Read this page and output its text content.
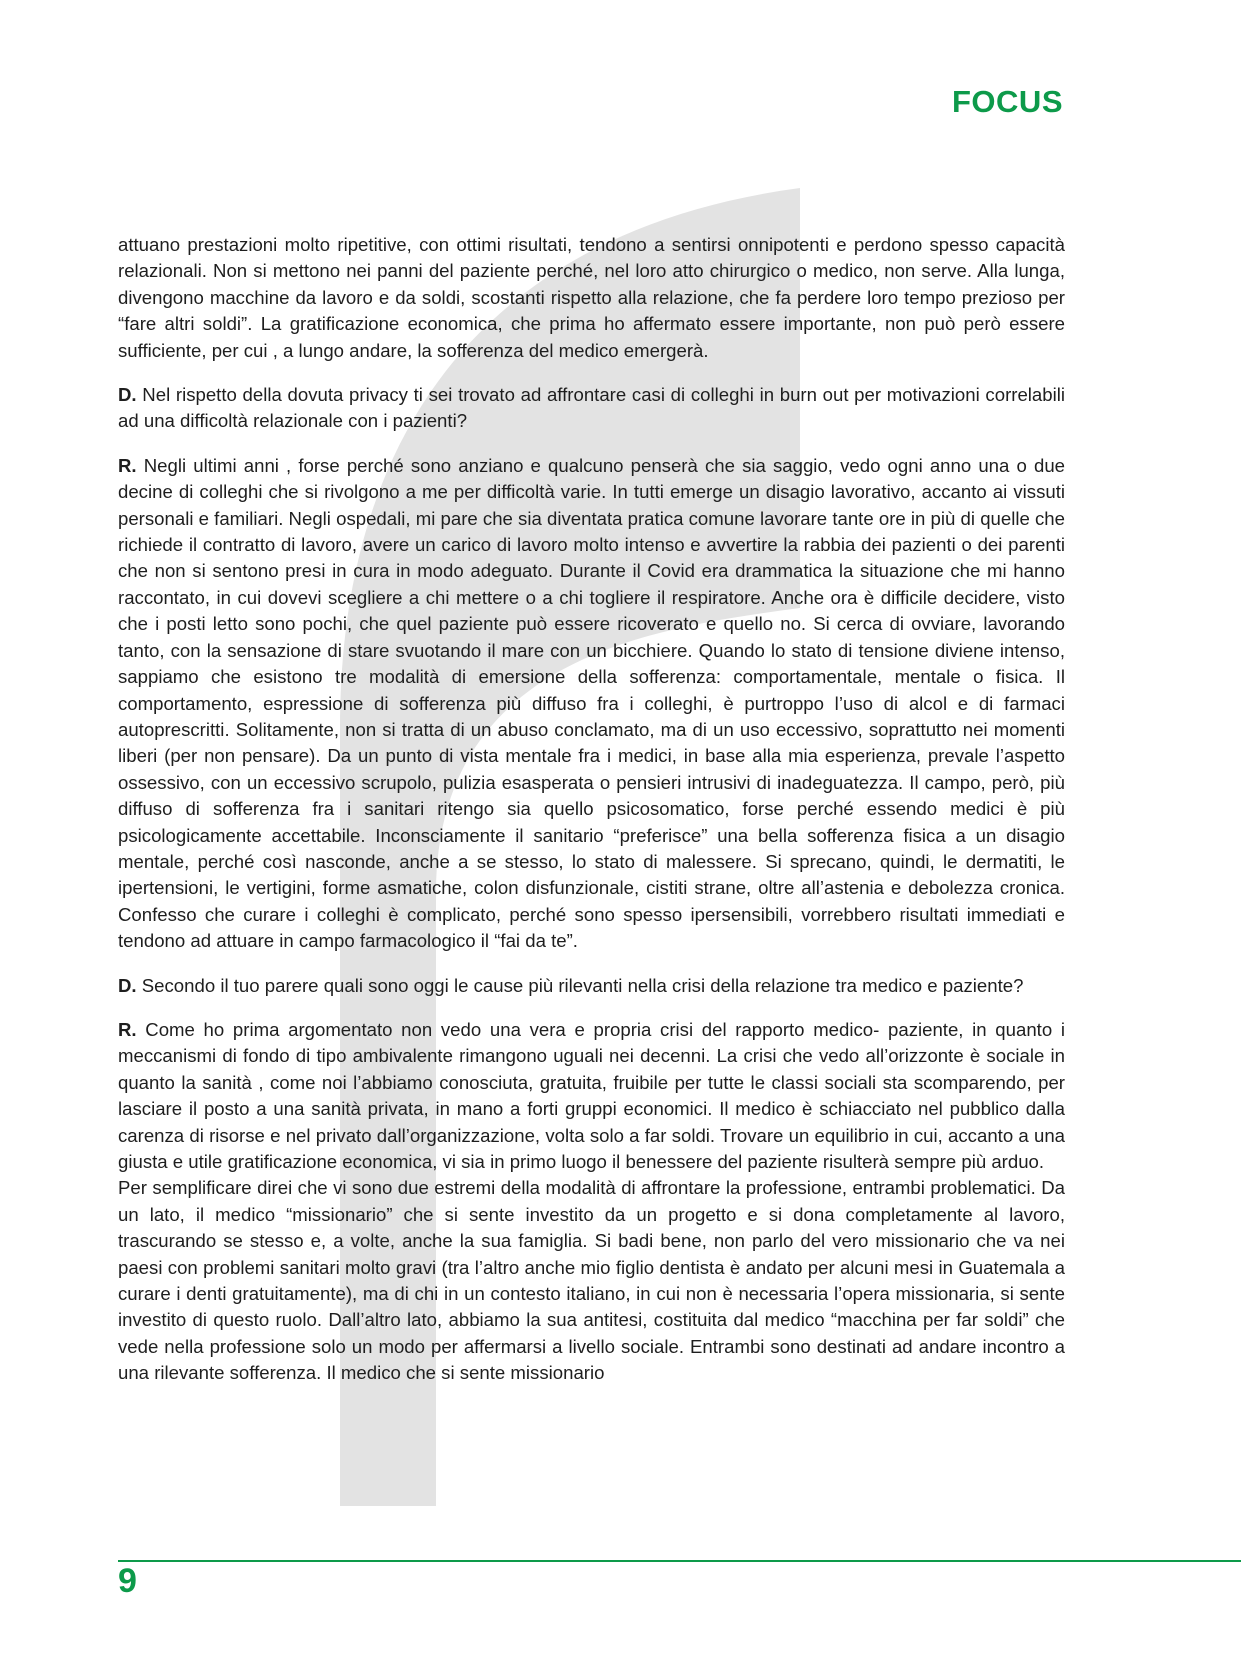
FOCUS

attuano prestazioni molto ripetitive, con ottimi risultati, tendono a sentirsi onnipotenti e perdono spesso capacità relazionali. Non si mettono nei panni del paziente perché, nel loro atto chirurgico o medico, non serve. Alla lunga, divengono macchine da lavoro e da soldi, scostanti rispetto alla relazione, che fa perdere loro tempo prezioso per “fare altri soldi”. La gratificazione economica, che prima ho affermato essere importante, non può però essere sufficiente, per cui , a lungo andare, la sofferenza del medico emergerà.

D. Nel rispetto della dovuta privacy ti sei trovato ad affrontare casi di colleghi in burn out per motivazioni correlabili ad una difficoltà relazionale con i pazienti?

R. Negli ultimi anni , forse perché sono anziano e qualcuno penserà che sia saggio, vedo ogni anno una o due decine di colleghi che si rivolgono a me per difficoltà varie. In tutti emerge un disagio lavorativo, accanto ai vissuti personali e familiari. Negli ospedali, mi pare che sia diventata pratica comune lavorare tante ore in più di quelle che richiede il contratto di lavoro, avere un carico di lavoro molto intenso e avvertire la rabbia dei pazienti o dei parenti che non si sentono presi in cura in modo adeguato. Durante il Covid era drammatica la situazione che mi hanno raccontato, in cui dovevi scegliere a chi mettere o a chi togliere il respiratore. Anche ora è difficile decidere, visto che i posti letto sono pochi, che quel paziente può essere ricoverato e quello no. Si cerca di ovviare, lavorando tanto, con la sensazione di stare svuotando il mare con un bicchiere. Quando lo stato di tensione diviene intenso, sappiamo che esistono tre modalità di emersione della sofferenza: comportamentale, mentale o fisica. Il comportamento, espressione di sofferenza più diffuso fra i colleghi, è purtroppo l’uso di alcol e di farmaci autoprescritti. Solitamente, non si tratta di un abuso conclamato, ma di un uso eccessivo, soprattutto nei momenti liberi (per non pensare). Da un punto di vista mentale fra i medici, in base alla mia esperienza, prevale l’aspetto ossessivo, con un eccessivo scrupolo, pulizia esasperata o pensieri intrusivi di inadeguatezza. Il campo, però, più diffuso di sofferenza fra i sanitari ritengo sia quello psicosomatico, forse perché essendo medici è più psicologicamente accettabile. Inconsciamente il sanitario “preferisce” una bella sofferenza fisica a un disagio mentale, perché così nasconde, anche a se stesso, lo stato di malessere. Si sprecano, quindi, le dermatiti, le ipertensioni, le vertigini, forme asmatiche, colon disfunzionale, cistiti strane, oltre all’astenia e debolezza cronica. Confesso che curare i colleghi è complicato, perché sono spesso ipersensibili, vorrebbero risultati immediati e tendono ad attuare in campo farmacologico il “fai da te”.

D. Secondo il tuo parere quali sono oggi le cause più rilevanti nella crisi della relazione tra medico e paziente?

R. Come ho prima argomentato non vedo una vera e propria crisi del rapporto medico- paziente, in quanto i meccanismi di fondo di tipo ambivalente rimangono uguali nei decenni. La crisi che vedo all’orizzonte è sociale in quanto la sanità , come noi l’abbiamo conosciuta, gratuita, fruibile per tutte le classi sociali sta scomparendo, per lasciare il posto a una sanità privata, in mano a forti gruppi economici. Il medico è schiacciato nel pubblico dalla carenza di risorse e nel privato dall’organizzazione, volta solo a far soldi. Trovare un equilibrio in cui, accanto a una giusta e utile gratificazione economica, vi sia in primo luogo il benessere del paziente risulterà sempre più arduo.

Per semplificare direi che vi sono due estremi della modalità di affrontare la professione, entrambi problematici. Da un lato, il medico “missionario” che si sente investito da un progetto e si dona completamente al lavoro, trascurando se stesso e, a volte, anche la sua famiglia. Si badi bene, non parlo del vero missionario che va nei paesi con problemi sanitari molto gravi (tra l’altro anche mio figlio dentista è andato per alcuni mesi in Guatemala a curare i denti gratuitamente), ma di chi in un contesto italiano, in cui non è necessaria l’opera missionaria, si sente investito di questo ruolo. Dall’altro lato, abbiamo la sua antitesi, costituita dal medico “macchina per far soldi” che vede nella professione solo un modo per affermarsi a livello sociale. Entrambi sono destinati ad andare incontro a una rilevante sofferenza. Il medico che si sente missionario

9
